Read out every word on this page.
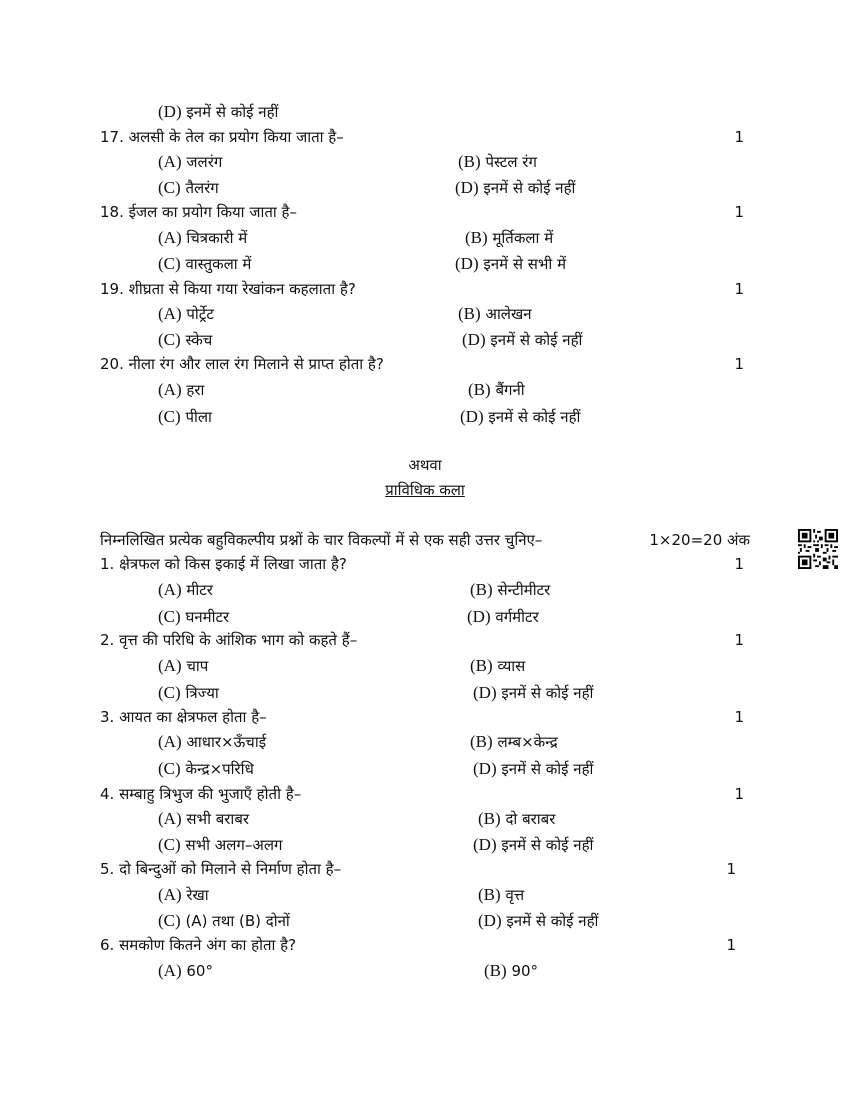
(D) इनमें से कोई नहीं
17. अलसी के तेल का प्रयोग किया जाता है–	1
(A) जलरंग	(B) पेस्टल रंग
(C) तैलरंग	(D) इनमें से कोई नहीं
18. ईजल का प्रयोग किया जाता है–	1
(A) चित्रकारी में	(B) मूर्तिकला में
(C) वास्तुकला में	(D) इनमें से सभी में
19. शीघ्रता से किया गया रेखांकन कहलाता है?	1
(A) पोर्ट्रेट	(B) आलेखन
(C) स्केच	(D) इनमें से कोई नहीं
20. नीला रंग और लाल रंग मिलाने से प्राप्त होता है?	1
(A) हरा	(B) बैंगनी
(C) पीला	(D) इनमें से कोई नहीं
अथवा
प्राविधिक कला
निम्नलिखित प्रत्येक बहुविकल्पीय प्रश्नों के चार विकल्पों में से एक सही उत्तर चुनिए–	1×20=20 अंक
1. क्षेत्रफल को किस इकाई में लिखा जाता है?	1
(A) मीटर	(B) सेन्टीमीटर
(C) घनमीटर	(D) वर्गमीटर
2. वृत्त की परिधि के आंशिक भाग को कहते हैं–	1
(A) चाप	(B) व्यास
(C) त्रिज्या	(D) इनमें से कोई नहीं
3. आयत का क्षेत्रफल होता है–	1
(A) आधार×ऊँचाई	(B) लम्ब×केन्द्र
(C) केन्द्र×परिधि	(D) इनमें से कोई नहीं
4. सम्बाहु त्रिभुज की भुजाएँ होती है–	1
(A) सभी बराबर	(B) दो बराबर
(C) सभी अलग–अलग	(D) इनमें से कोई नहीं
5. दो बिन्दुओं को मिलाने से निर्माण होता है–	1
(A) रेखा	(B) वृत्त
(C) (A) तथा (B) दोनों	(D) इनमें से कोई नहीं
6. समकोण कितने अंग का होता है?	1
(A) 60°	(B) 90°
